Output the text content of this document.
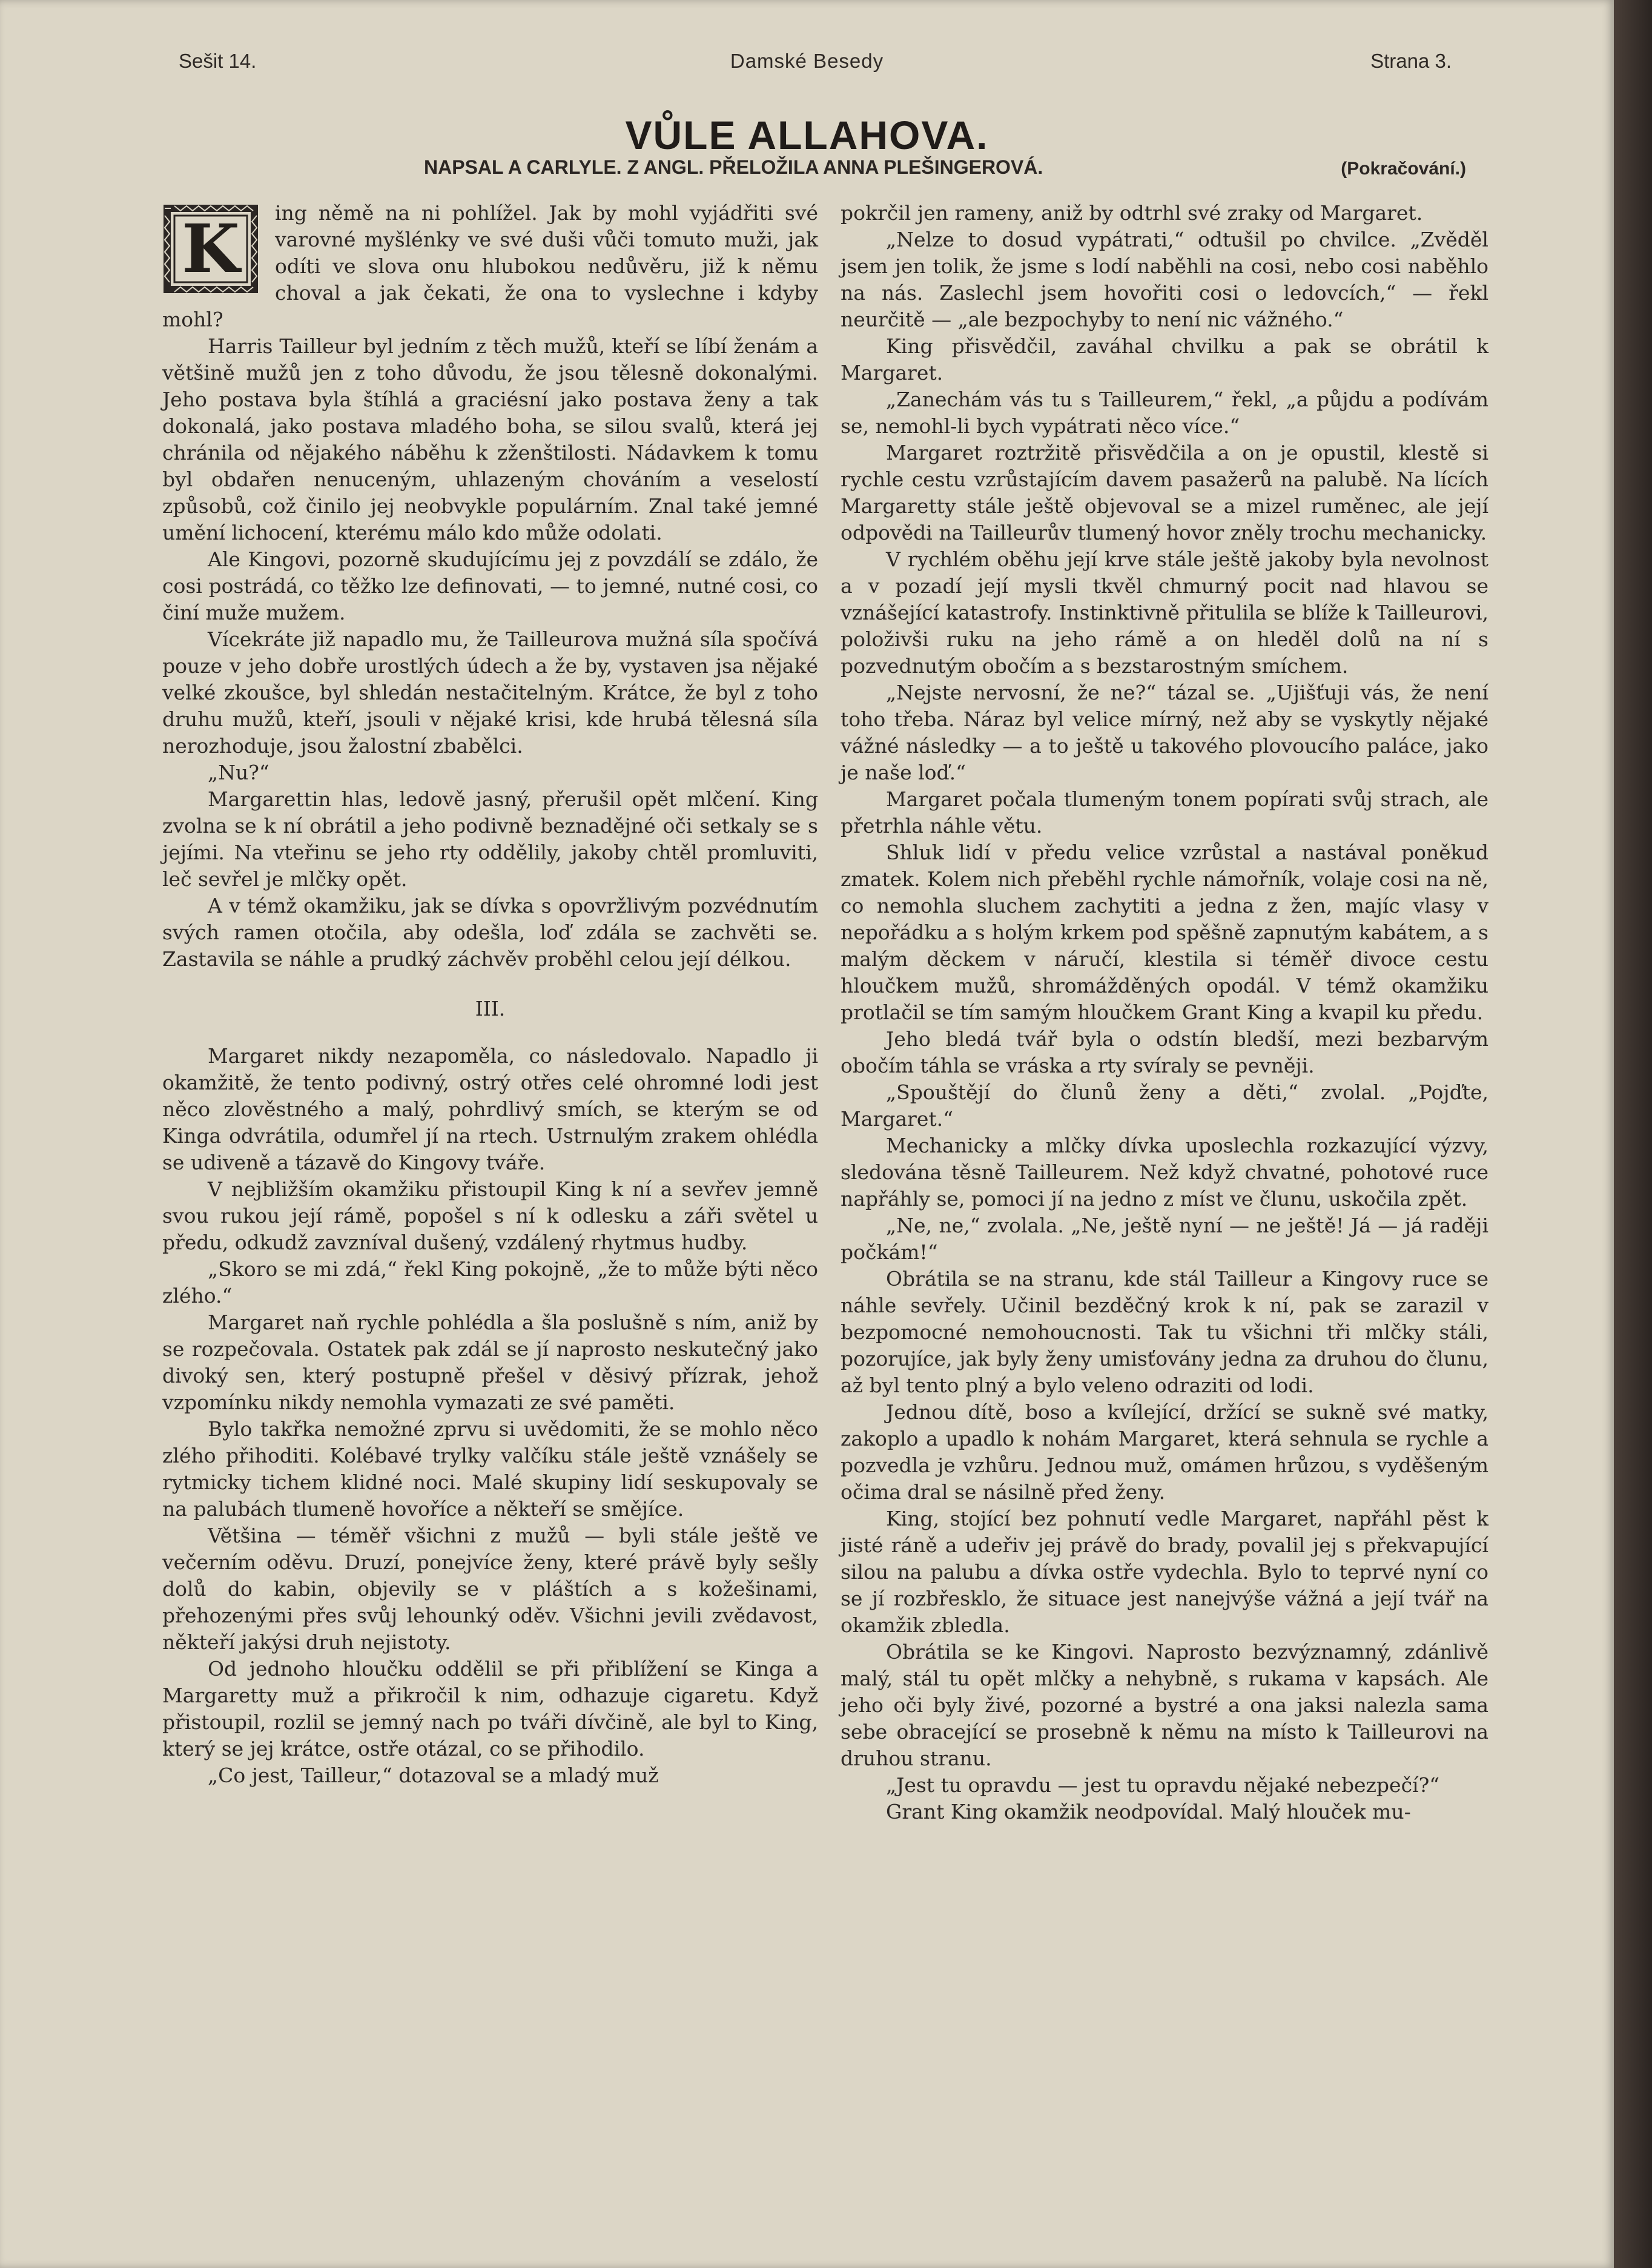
Sešit 14.	Damské Besedy	Strana 3.
VŮLE ALLAHOVA.
NAPSAL A CARLYLE. Z ANGL. PŘELOŽILA ANNA PLEŠINGEROVÁ.	(Pokračování.)
K	ing němě na ni pohlížel. Jak by mohl vyjádřiti své varovné myšlénky ve své duši vůči tomuto muži, jak odíti ve slova onu hlubokou nedůvěru, již k němu choval a jak čekati, že ona to vyslechne i kdyby mohl?

Harris Tailleur byl jedním z těch mužů, kteří se líbí ženám a většině mužů jen z toho důvodu, že jsou tělesně dokonalými. Jeho postava byla štíhlá a graciésní jako postava ženy a tak dokonalá, jako postava mladého boha, se silou svalů, která jej chránila od nějakého náběhu k zženštilosti. Nádavkem k tomu byl obdařen nenuceným, uhlazeným chováním a veselostí způsobů, což činilo jej neobvykle populárním. Znal také jemné umění lichocení, kterému málo kdo může odolati.

Ale Kingovi, pozorně skudujícímu jej z povzdálí se zdálo, že cosi postrádá, co těžko lze definovati, — to jemné, nutné cosi, co činí muže mužem.

Vícekráte již napadlo mu, že Tailleurova mužná síla spočívá pouze v jeho dobře urostlých údech a že by, vystaven jsa nějaké velké zkoušce, byl shledán nestačitelným. Krátce, že byl z toho druhu mužů, kteří, jsouli v nějaké krisi, kde hrubá tělesná síla nerozhoduje, jsou žalostní zbabělci.

„Nu?“

Margarettin hlas, ledově jasný, přerušil opět mlčení. King zvolna se k ní obrátil a jeho podivně beznadějné oči setkaly se s jejími. Na vteřinu se jeho rty oddělily, jakoby chtěl promluviti, leč sevřel je mlčky opět.

A v témž okamžiku, jak se dívka s opovržlivým pozvédnutím svých ramen otočila, aby odešla, loď zdála se zachvěti se. Zastavila se náhle a prudký záchvěv proběhl celou její délkou.

III.

Margaret nikdy nezapoměla, co následovalo. Napadlo ji okamžitě, že tento podivný, ostrý otřes celé ohromné lodi jest něco zlověstného a malý, pohrdlivý smích, se kterým se od Kinga odvrátila, odumřel jí na rtech. Ustrnulým zrakem ohlédla se udiveně a tázavě do Kingovy tváře.

V nejbližším okamžiku přistoupil King k ní a sevřev jemně svou rukou její rámě, popošel s ní k odlesku a záři světel u předu, odkudž zavzníval dušený, vzdálený rhytmus hudby.

„Skoro se mi zdá,“ řekl King pokojně, „že to může býti něco zlého.“

Margaret naň rychle pohlédla a šla poslušně s ním, aniž by se rozpečovala. Ostatek pak zdál se jí naprosto neskutečný jako divoký sen, který postupně přešel v děsivý přízrak, jehož vzpomínku nikdy nemohla vymazati ze své paměti.

Bylo takřka nemožné zprvu si uvědomiti, že se mohlo něco zlého přihoditi. Kolébavé trylky valčíku stále ještě vznášely se rytmicky tichem klidné noci. Malé skupiny lidí seskupovaly se na palubách tlumeně hovoříce a někteří se smějíce.

Většina — téměř všichni z mužů — byli stále ještě ve večerním oděvu. Druzí, ponejvíce ženy, které právě byly sešly dolů do kabin, objevily se v pláštích a s kožešinami, přehozenými přes svůj lehounký oděv. Všichni jevili zvědavost, někteří jakýsi druh nejistoty.

Od jednoho hloučku oddělil se při přiblížení se Kinga a Margaretty muž a přikročil k nim, odhazuje cigaretu. Když přistoupil, rozlil se jemný nach po tváři dívčině, ale byl to King, který se jej krátce, ostře otázal, co se přihodilo.

„Co jest, Tailleur,“ dotazoval se a mladý muž

pokrčil jen rameny, aniž by odtrhl své zraky od Margaret.

„Nelze to dosud vypátrati,“ odtušil po chvilce. „Zvěděl jsem jen tolik, že jsme s lodí naběhli na cosi, nebo cosi naběhlo na nás. Zaslechl jsem hovořiti cosi o ledovcích,“ — řekl neurčitě — „ale bezpochyby to není nic vážného.“

King přisvědčil, zaváhal chvilku a pak se obrátil k Margaret.

„Zanechám vás tu s Tailleurem,“ řekl, „a půjdu a podívám se, nemohl-li bych vypátrati něco více.“

Margaret roztržitě přisvědčila a on je opustil, klestě si rychle cestu vzrůstajícím davem pasažerů na palubě. Na lících Margaretty stále ještě objevoval se a mizel ruměnec, ale její odpovědi na Tailleurův tlumený hovor zněly trochu mechanicky.

V rychlém oběhu její krve stále ještě jakoby byla nevolnost a v pozadí její mysli tkvěl chmurný pocit nad hlavou se vznášející katastrofy. Instinktivně přitulila se blíže k Tailleurovi, položivši ruku na jeho rámě a on hleděl dolů na ní s pozvednutým obočím a s bezstarostným smíchem.

„Nejste nervosní, že ne?“ tázal se. „Ujišťuji vás, že není toho třeba. Náraz byl velice mírný, než aby se vyskytly nějaké vážné následky — a to ještě u takového plovoucího paláce, jako je naše loď.“

Margaret počala tlumeným tonem popírati svůj strach, ale přetrhla náhle větu.

Shluk lidí v předu velice vzrůstal a nastával poněkud zmatek. Kolem nich přeběhl rychle námořník, volaje cosi na ně, co nemohla sluchem zachytiti a jedna z žen, majíc vlasy v nepořádku a s holým krkem pod spěšně zapnutým kabátem, a s malým děckem v náručí, klestila si téměř divoce cestu hloučkem mužů, shromážděných opodál. V témž okamžiku protlačil se tím samým hloučkem Grant King a kvapil ku předu.

Jeho bledá tvář byla o odstín bledší, mezi bezbarvým obočím táhla se vráska a rty svíraly se pevněji.

„Spouštějí do člunů ženy a děti,“ zvolal. „Pojďte, Margaret.“

Mechanicky a mlčky dívka uposlechla rozkazující výzvy, sledována těsně Tailleurem. Než když chvatné, pohotové ruce napřáhly se, pomoci jí na jedno z míst ve člunu, uskočila zpět.

„Ne, ne,“ zvolala. „Ne, ještě nyní — ne ještě! Já — já raději počkám!“

Obrátila se na stranu, kde stál Tailleur a Kingovy ruce se náhle sevřely. Učinil bezděčný krok k ní, pak se zarazil v bezpomocné nemohoucnosti. Tak tu všichni tři mlčky stáli, pozorujíce, jak byly ženy umisťovány jedna za druhou do člunu, až byl tento plný a bylo veleno odraziti od lodi.

Jednou dítě, boso a kvílející, držící se sukně své matky, zakoplo a upadlo k nohám Margaret, která sehnula se rychle a pozvedla je vzhůru. Jednou muž, omámen hrůzou, s vyděšeným očima dral se násilně před ženy.

King, stojící bez pohnutí vedle Margaret, napřáhl pěst k jisté ráně a udeřiv jej právě do brady, povalil jej s překvapující silou na palubu a dívka ostře vydechla. Bylo to teprvé nyní co se jí rozbřesklo, že situace jest nanejvýše vážná a její tvář na okamžik zbledla.

Obrátila se ke Kingovi. Naprosto bezvýznamný, zdánlivě malý, stál tu opět mlčky a nehybně, s rukama v kapsách. Ale jeho oči byly živé, pozorné a bystré a ona jaksi nalezla sama sebe obracející se prosebně k němu na místo k Tailleurovi na druhou stranu.

„Jest tu opravdu — jest tu opravdu nějaké nebezpečí?“

Grant King okamžik neodpovídal. Malý hlouček mu-
